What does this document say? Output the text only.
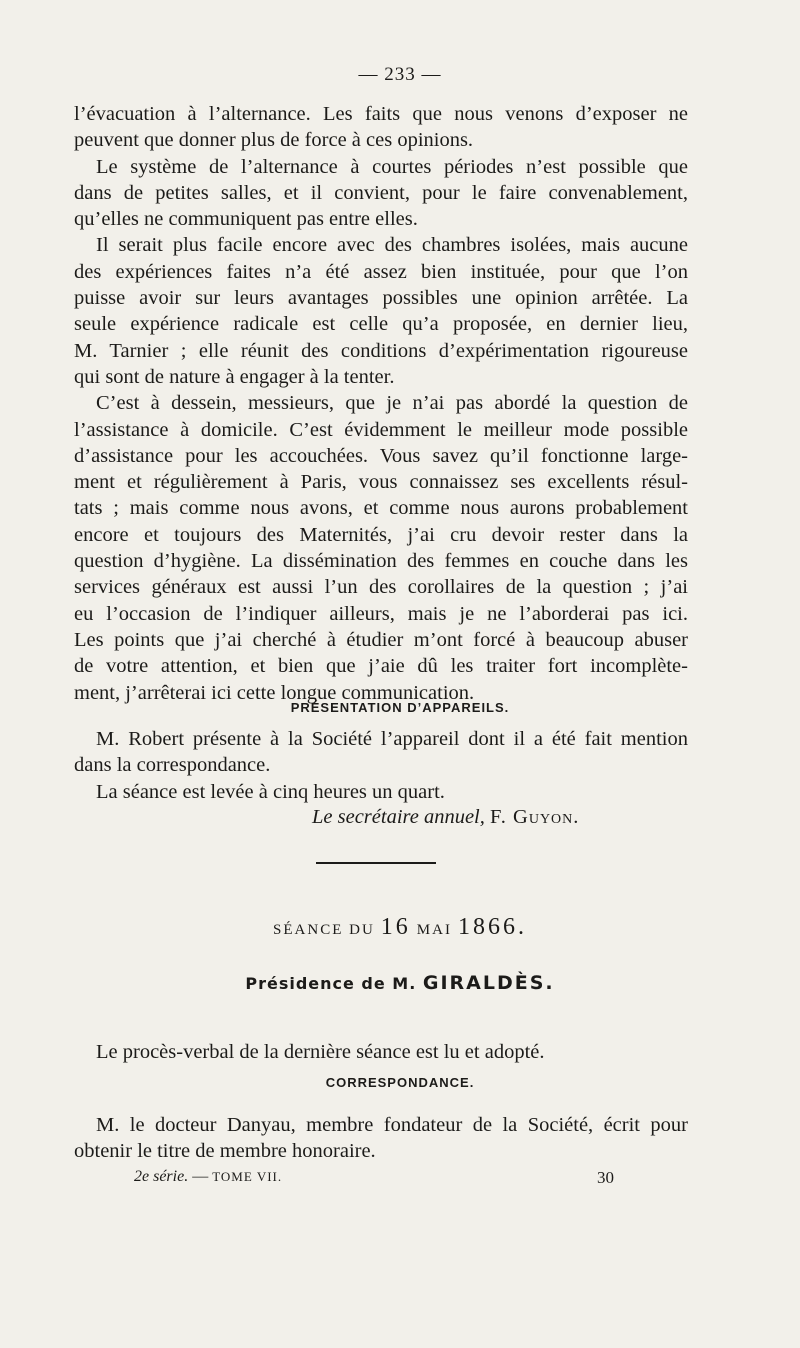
— 233 —
l’évacuation à l’alternance. Les faits que nous venons d’exposer ne
peuvent que donner plus de force à ces opinions.
Le système de l’alternance à courtes périodes n’est possible que
dans de petites salles, et il convient, pour le faire convenablement,
qu’elles ne communiquent pas entre elles.
Il serait plus facile encore avec des chambres isolées, mais aucune
des expériences faites n’a été assez bien instituée, pour que l’on
puisse avoir sur leurs avantages possibles une opinion arrêtée. La
seule expérience radicale est celle qu’a proposée, en dernier lieu,
M. Tarnier ; elle réunit des conditions d’expérimentation rigoureuse
qui sont de nature à engager à la tenter.
C’est à dessein, messieurs, que je n’ai pas abordé la question de
l’assistance à domicile. C’est évidemment le meilleur mode possible
d’assistance pour les accouchées. Vous savez qu’il fonctionne large-
ment et régulièrement à Paris, vous connaissez ses excellents résul-
tats ; mais comme nous avons, et comme nous aurons probablement
encore et toujours des Maternités, j’ai cru devoir rester dans la
question d’hygiène. La dissémination des femmes en couche dans les
services généraux est aussi l’un des corollaires de la question ; j’ai
eu l’occasion de l’indiquer ailleurs, mais je ne l’aborderai pas ici.
Les points que j’ai cherché à étudier m’ont forcé à beaucoup abuser
de votre attention, et bien que j’aie dû les traiter fort incomplète-
ment, j’arrêterai ici cette longue communication.
PRÉSENTATION D’APPAREILS.
M. Robert présente à la Société l’appareil dont il a été fait mention
dans la correspondance.
La séance est levée à cinq heures un quart.
Le secrétaire annuel, F. Guyon.
SÉANCE DU 16 MAI 1866.
Présidence de M. GIRALDÈS.
Le procès-verbal de la dernière séance est lu et adopté.
CORRESPONDANCE.
M. le docteur Danyau, membre fondateur de la Société, écrit pour
obtenir le titre de membre honoraire.
2e série. — TOME VII.	30
